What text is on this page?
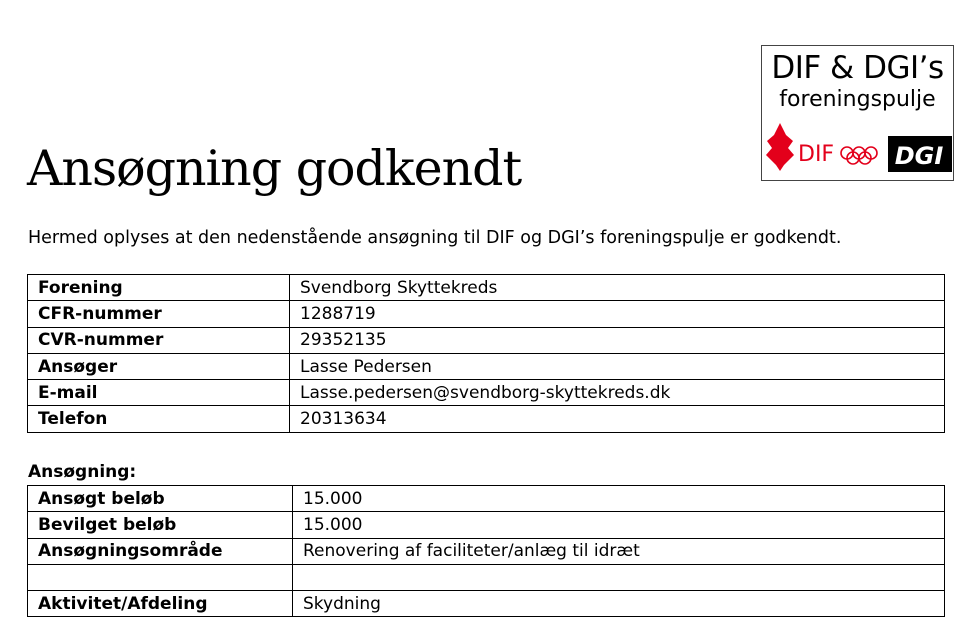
DIF & DGI’s
foreningspulje
DIF	DGI
Ansøgning godkendt

Hermed oplyses at den nedenstående ansøgning til DIF og DGI’s foreningspulje er godkendt.

Forening	Svendborg Skyttekreds
CFR-nummer	1288719
CVR-nummer	29352135
Ansøger	Lasse Pedersen
E-mail	Lasse.pedersen@svendborg-skyttekreds.dk
Telefon	20313634

Ansøgning:

Ansøgt beløb	15.000
Bevilget beløb	15.000
Ansøgningsområde	Renovering af faciliteter/anlæg til idræt

Aktivitet/Afdeling	Skydning
